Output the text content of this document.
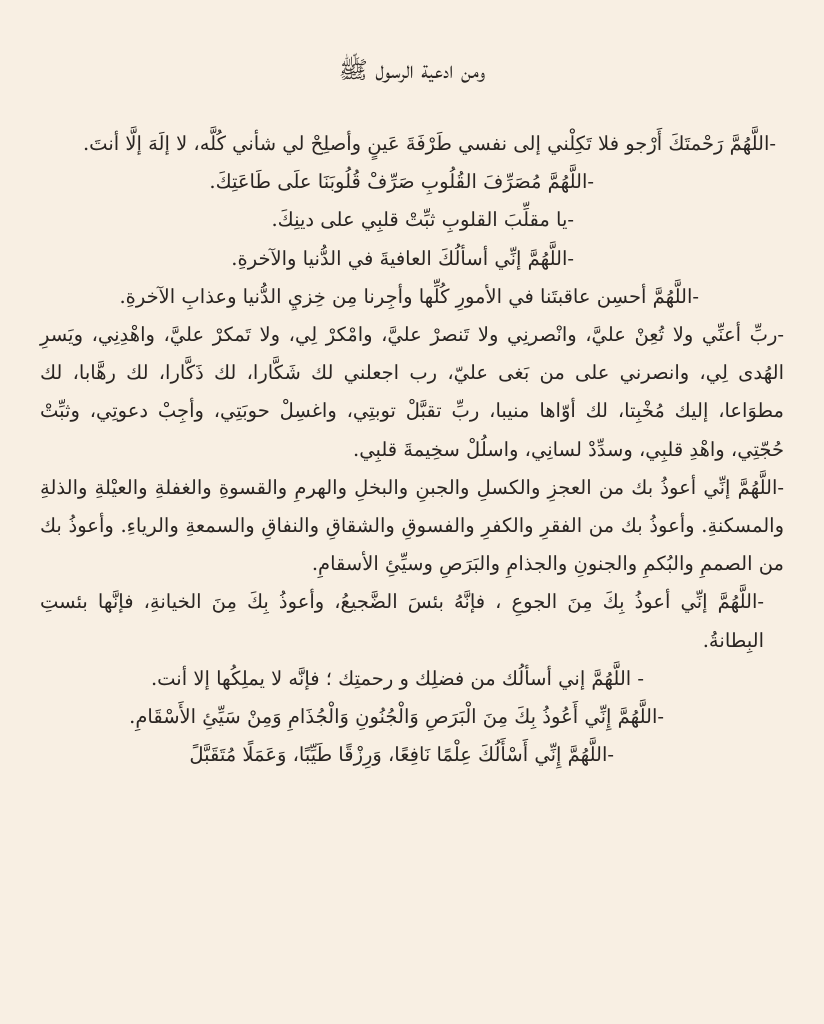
ومن ادعية الرسول ﷺ
-اللَّهُمَّ رَحْمتَكَ أَرْجو فلا تَكِلْني إلى نفسي طَرْفَةَ عَينٍ وأصلِحْ لي شأني كُلَّه، لا إلَهَ إلَّا أنتَ.
-اللَّهُمَّ مُصَرِّفَ القُلُوبِ صَرِّفْ قُلُوبَنَا علَى طَاعَتِكَ.
-يا مقلِّبَ القلوبِ ثبِّتْ قلبِي على دينِكَ.
-اللَّهُمَّ إنِّي أسألُكَ العافيةَ في الدُّنيا والآخرةِ.
-اللَّهُمَّ أحسِن عاقبتَنا في الأمورِ كُلِّها وأجِرنا مِن خِزيِ الدُّنيا وعذابِ الآخرةِ.
-ربِّ أعنِّي ولا تُعِنْ عليَّ، وانْصرنِي ولا تَنصرْ عليَّ، وامْكرْ لِي، ولا تَمكرْ عليَّ، واهْدِنِي، ويَسرِ الهُدى لِي، وانصرني على من بَغى عليّ، رب اجعلني لك شَكَّارا، لك ذَكَّارا، لك رهَّابا، لك مطوَاعا، إليك مُخْبِتا، لك أوّاها منيبا، ربِّ تقبَّلْ توبتِي، واغسِلْ حوبَتِي، وأجِبْ دعوتِي، وثبِّتْ حُجّتِي، واهْدِ قلبِي، وسدِّدْ لسانِي، واسلُلْ سخِيمةَ قلبِي.
-اللَّهُمَّ إنِّي أعوذُ بك من العجزِ والكسلِ والجبنِ والبخلِ والهرمِ والقسوةِ والغفلةِ والعيْلةِ والذلةِ والمسكنةِ. وأعوذُ بك من الفقرِ والكفرِ والفسوقِ والشقاقِ والنفاقِ والسمعةِ والرياءِ. وأعوذُ بك من الصممِ والبُكمِ والجنونِ والجذامِ والبَرَصِ وسيِّئِ الأسقامِ.
-اللَّهُمَّ إنِّي أعوذُ بِكَ مِنَ الجوعِ ، فإنَّهُ بئسَ الضَّجيعُ، وأعوذُ بِكَ مِنَ الخيانةِ، فإنَّها بئستِ البِطانةُ.
- اللَّهُمَّ إني أسألُك من فضلِك و رحمتِك ؛ فإنَّه لا يملِكُها إلا أنت.
-اللَّهُمَّ إِنِّي أَعُوذُ بِكَ مِنَ الْبَرَصِ وَالْجُنُونِ وَالْجُذَامِ وَمِنْ سَيِّئِ الأَسْقَامِ.
-اللَّهُمَّ إِنِّي أَسْأَلُكَ عِلْمًا نَافِعًا، وَرِزْقًا طَيِّبًا، وَعَمَلًا مُتَقَبَّلً
